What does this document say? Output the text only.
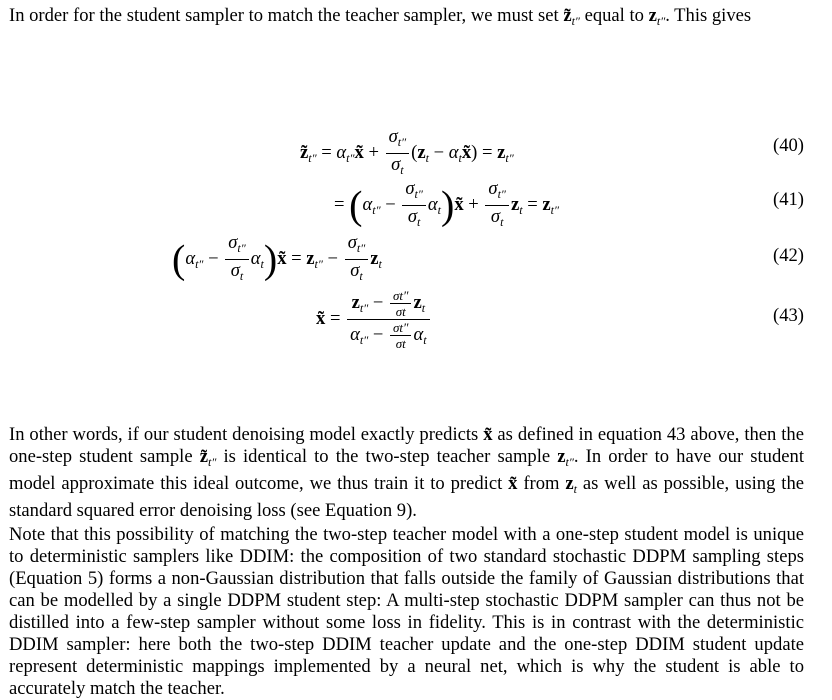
In order for the student sampler to match the teacher sampler, we must set $z̃_{t''}$ equal to $z_{t''}$. This gives

$z̃_{t''}$ = $\alpha_{t''}x̃ + \frac{\sigma_{t''}}{\sigma_t} (z_t$ − $\alpha_tx̃) = z_{t''}$
(40)
= ($\alpha_{t''} - \frac{\sigma_{t''}}{\sigma_t}$ $\alpha_t)x̃ + \frac{\sigma_{t''}}{\sigma_t} z_t = z_{t''}$	(41)
($\alpha_{t''} - \frac{\sigma_{t''}}{\sigma_t}$ $\alpha_t)x̃ = z_{t''} - \frac{\sigma_{t''}}{\sigma_t} z_t$	(42)
x̃ = $\frac{z_{t''} - \frac{\sigma t''}{\sigma t} z_t}{\alpha_{t''} - \frac{\sigma t''}{\sigma t} \alpha_t}$	(43)

In other words, if our student denoising model exactly predicts x̃ as defined in equation 43 above, then the one-step student sample $z̃_{t''}$ is identical to the two-step teacher sample $z_{t''}$. In order to have our student model approximate this ideal outcome, we thus train it to predict x̃ from $z_t$ as well as possible, using the standard squared error denoising loss (see Equation 9).

Note that this possibility of matching the two-step teacher model with a one-step student model is unique to deterministic samplers like DDIM: the composition of two standard stochastic DDPM sampling steps (Equation 5) forms a non-Gaussian distribution that falls outside the family of Gaussian distributions that can be modelled by a single DDPM student step: A multi-step stochastic DDPM sampler can thus not be distilled into a few-step sampler without some loss in fidelity. This is in contrast with the deterministic DDIM sampler: here both the two-step DDIM teacher update and the one-step DDIM student update represent deterministic mappings implemented by a neural net, which is why the student is able to accurately match the teacher.
